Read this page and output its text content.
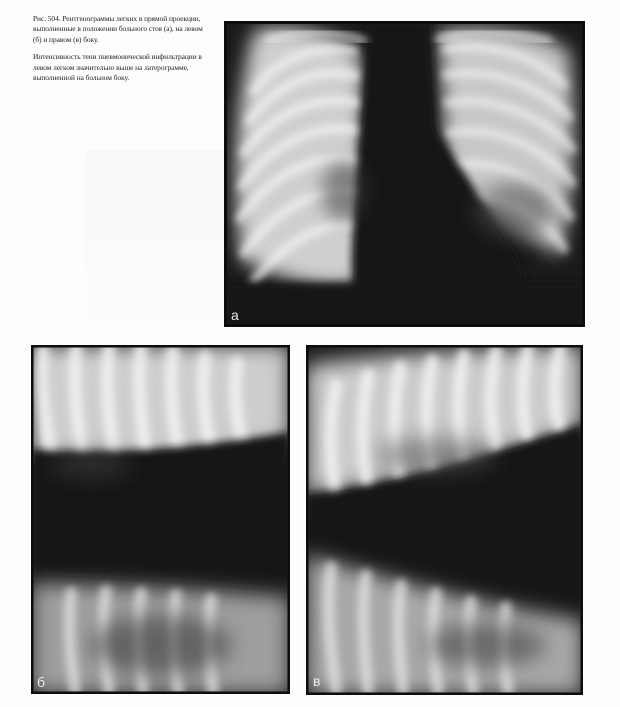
Рис. 504. Рентгенограммы легких в прямой проекции, выполненные в положении больного стоя (а), на левом (б) и правом (в) боку.

Интенсивность тени пневмонической инфильтрации в левом легком значительно выше на латерограмме, выполненной на больном боку.

а
б	в
